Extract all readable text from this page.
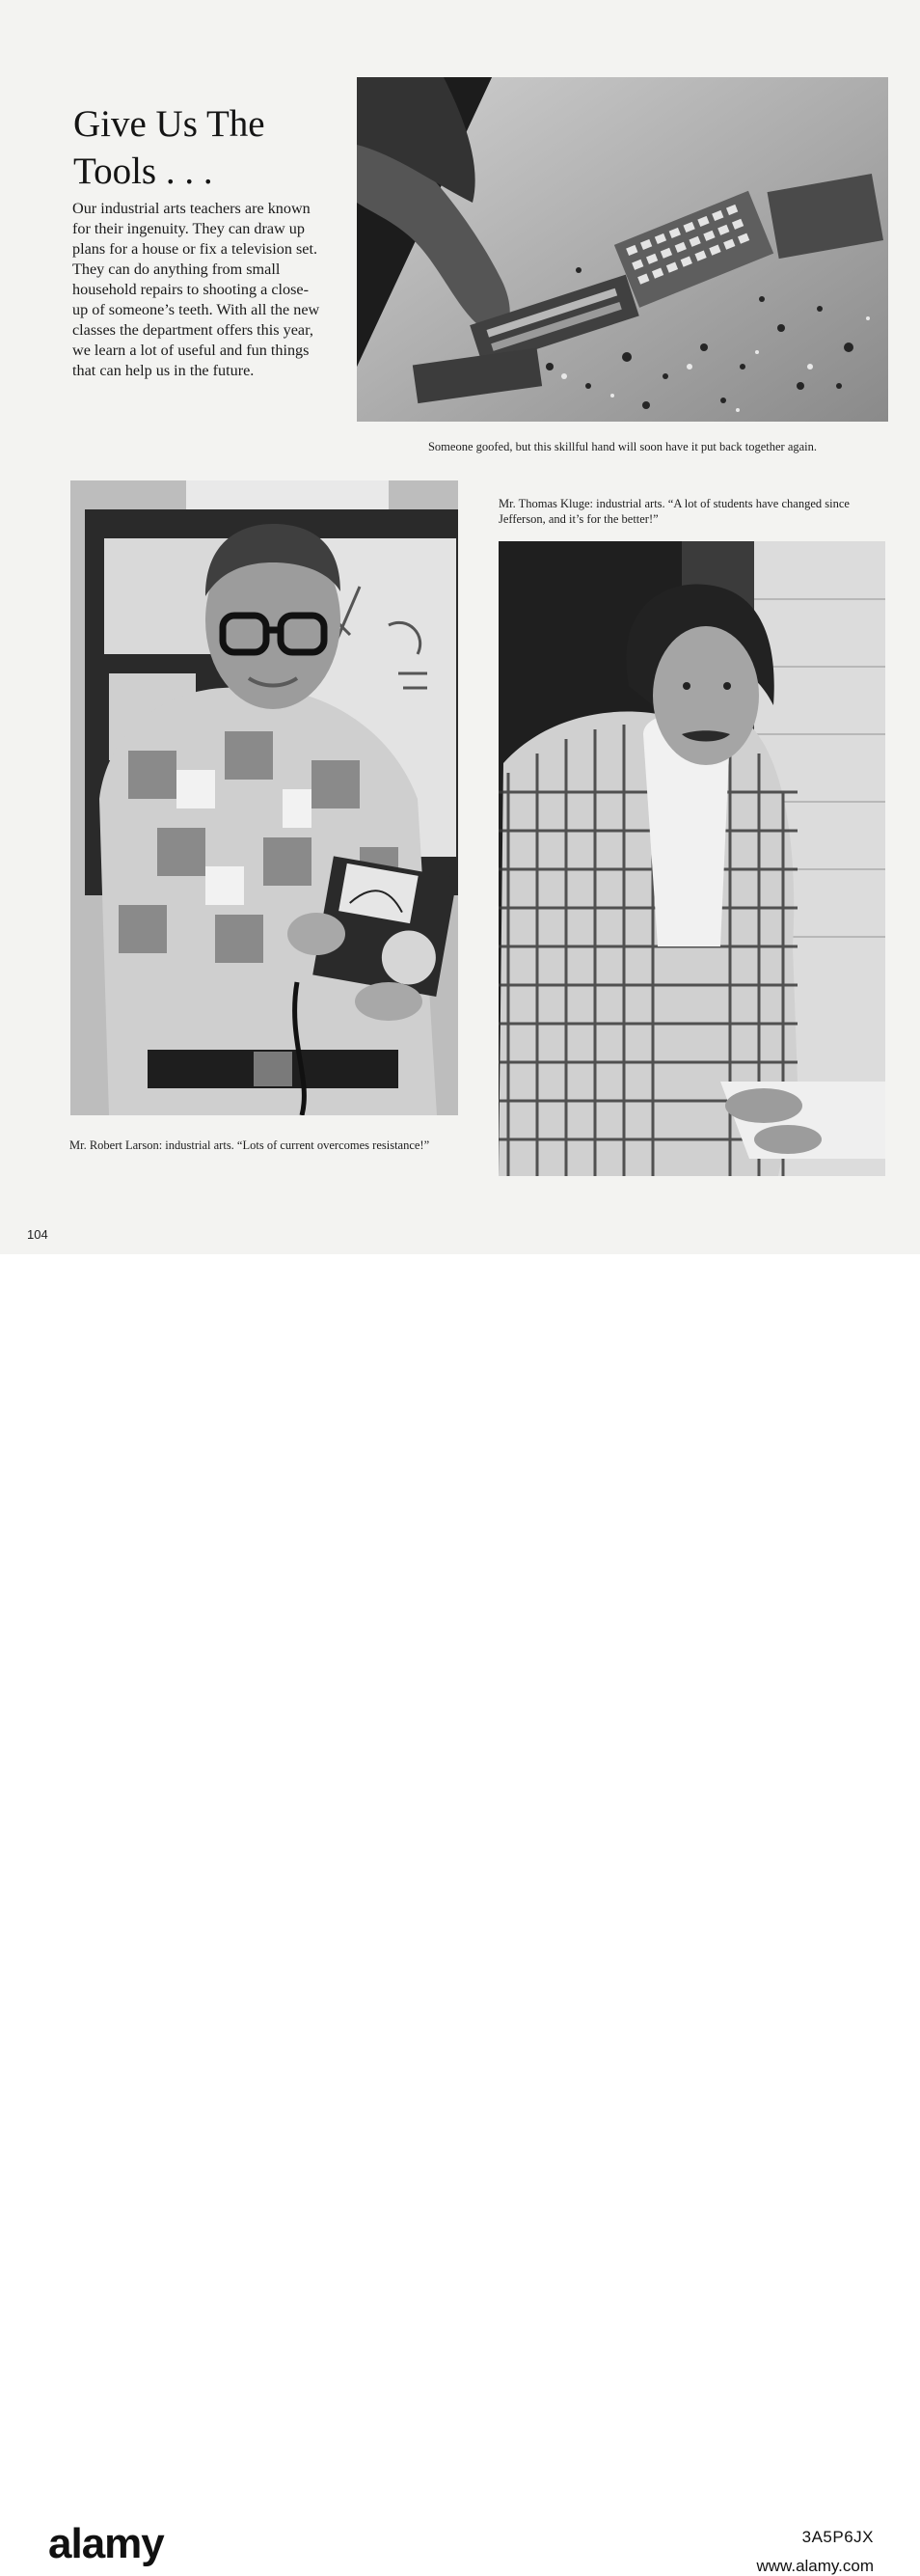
Give Us The Tools . . .

Our industrial arts teachers are known for their ingenuity. They can draw up plans for a house or fix a television set. They can do anything from small household repairs to shooting a close-up of someone’s teeth. With all the new classes the department offers this year, we learn a lot of useful and fun things that can help us in the future.

Someone goofed, but this skillful hand will soon have it put back together again.

Mr. Thomas Kluge: industrial arts. “A lot of students have changed since Jefferson, and it’s for the better!”

Mr. Robert Larson: industrial arts. “Lots of current overcomes resistance!”

104
alamy	3A5P6JX
www.alamy.com
